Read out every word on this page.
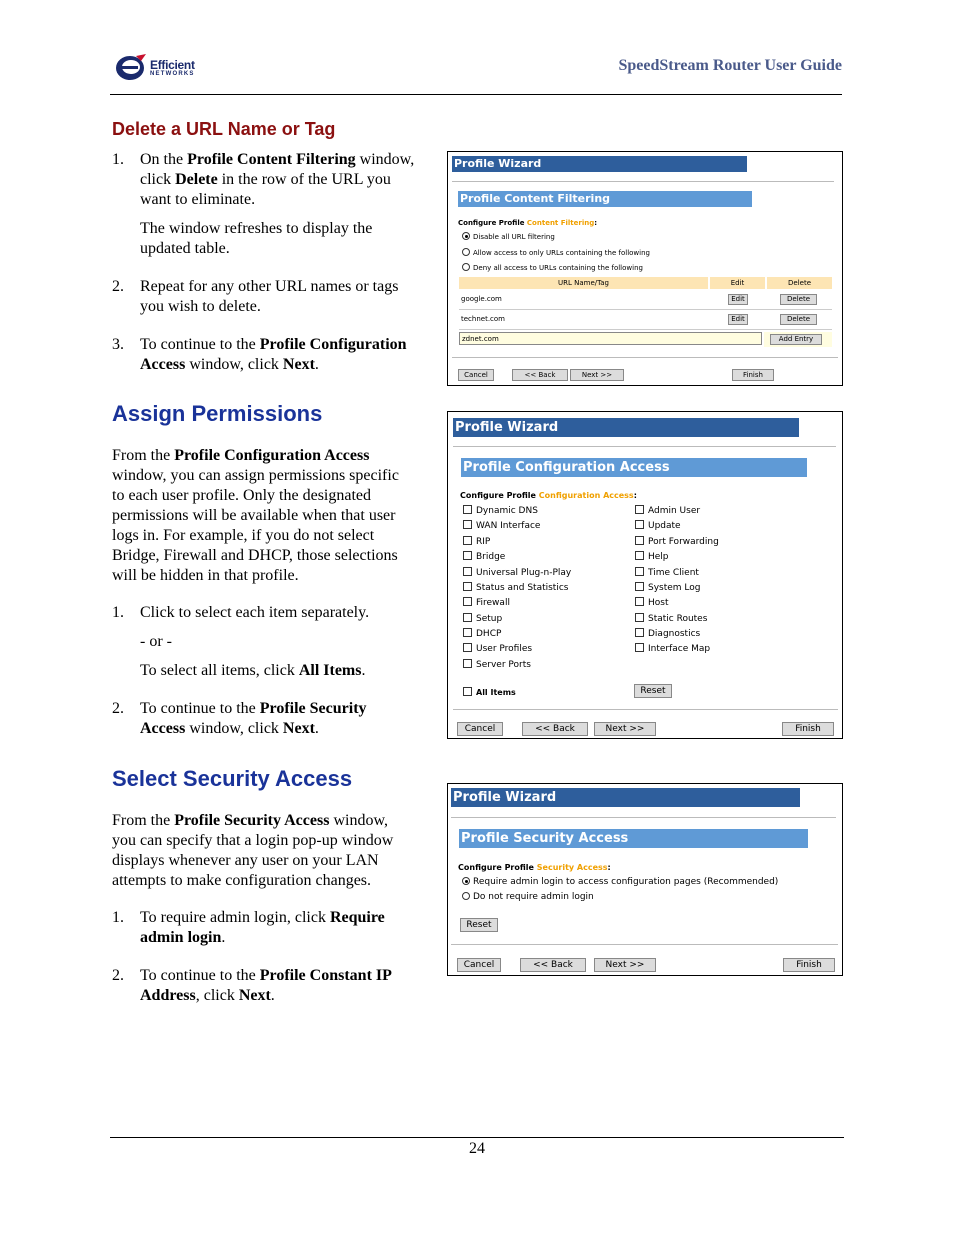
Efficient
NETWORKS	SpeedStream Router User Guide
Delete a URL Name or Tag
1. On the Profile Content Filtering window,
click Delete in the row of the URL you
want to eliminate.
The window refreshes to display the
updated table.
2. Repeat for any other URL names or tags
you wish to delete.
3. To continue to the Profile Configuration
Access window, click Next.
Profile Wizard
Profile Content Filtering
Configure Profile Content Filtering:
Disable all URL filtering
Allow access to only URLs containing the following
Deny all access to URLs containing the following
URL Name/Tag	Edit	Delete
google.com	Edit	Delete
technet.com	Edit	Delete
zdnet.com	Add Entry
Cancel	<< Back	Next >>	Finish
Assign Permissions
From the Profile Configuration Access
window, you can assign permissions specific
to each user profile. Only the designated
permissions will be available when that user
logs in. For example, if you do not select
Bridge, Firewall and DHCP, those selections
will be hidden in that profile.
1. Click to select each item separately.
- or -
To select all items, click All Items.
2. To continue to the Profile Security
Access window, click Next.
Profile Wizard
Profile Configuration Access
Configure Profile Configuration Access:
Dynamic DNS
WAN Interface
RIP
Bridge
Universal Plug-n-Play
Status and Statistics
Firewall
Setup
DHCP
User Profiles
Server Ports
Admin User
Update
Port Forwarding
Help
Time Client
System Log
Host
Static Routes
Diagnostics
Interface Map
All Items	Reset
Cancel	<< Back	Next >>	Finish
Select Security Access
From the Profile Security Access window,
you can specify that a login pop-up window
displays whenever any user on your LAN
attempts to make configuration changes.
1. To require admin login, click Require
admin login.
2. To continue to the Profile Constant IP
Address, click Next.
Profile Wizard
Profile Security Access
Configure Profile Security Access:
Require admin login to access configuration pages (Recommended)
Do not require admin login
Reset
Cancel	<< Back	Next >>	Finish
24
